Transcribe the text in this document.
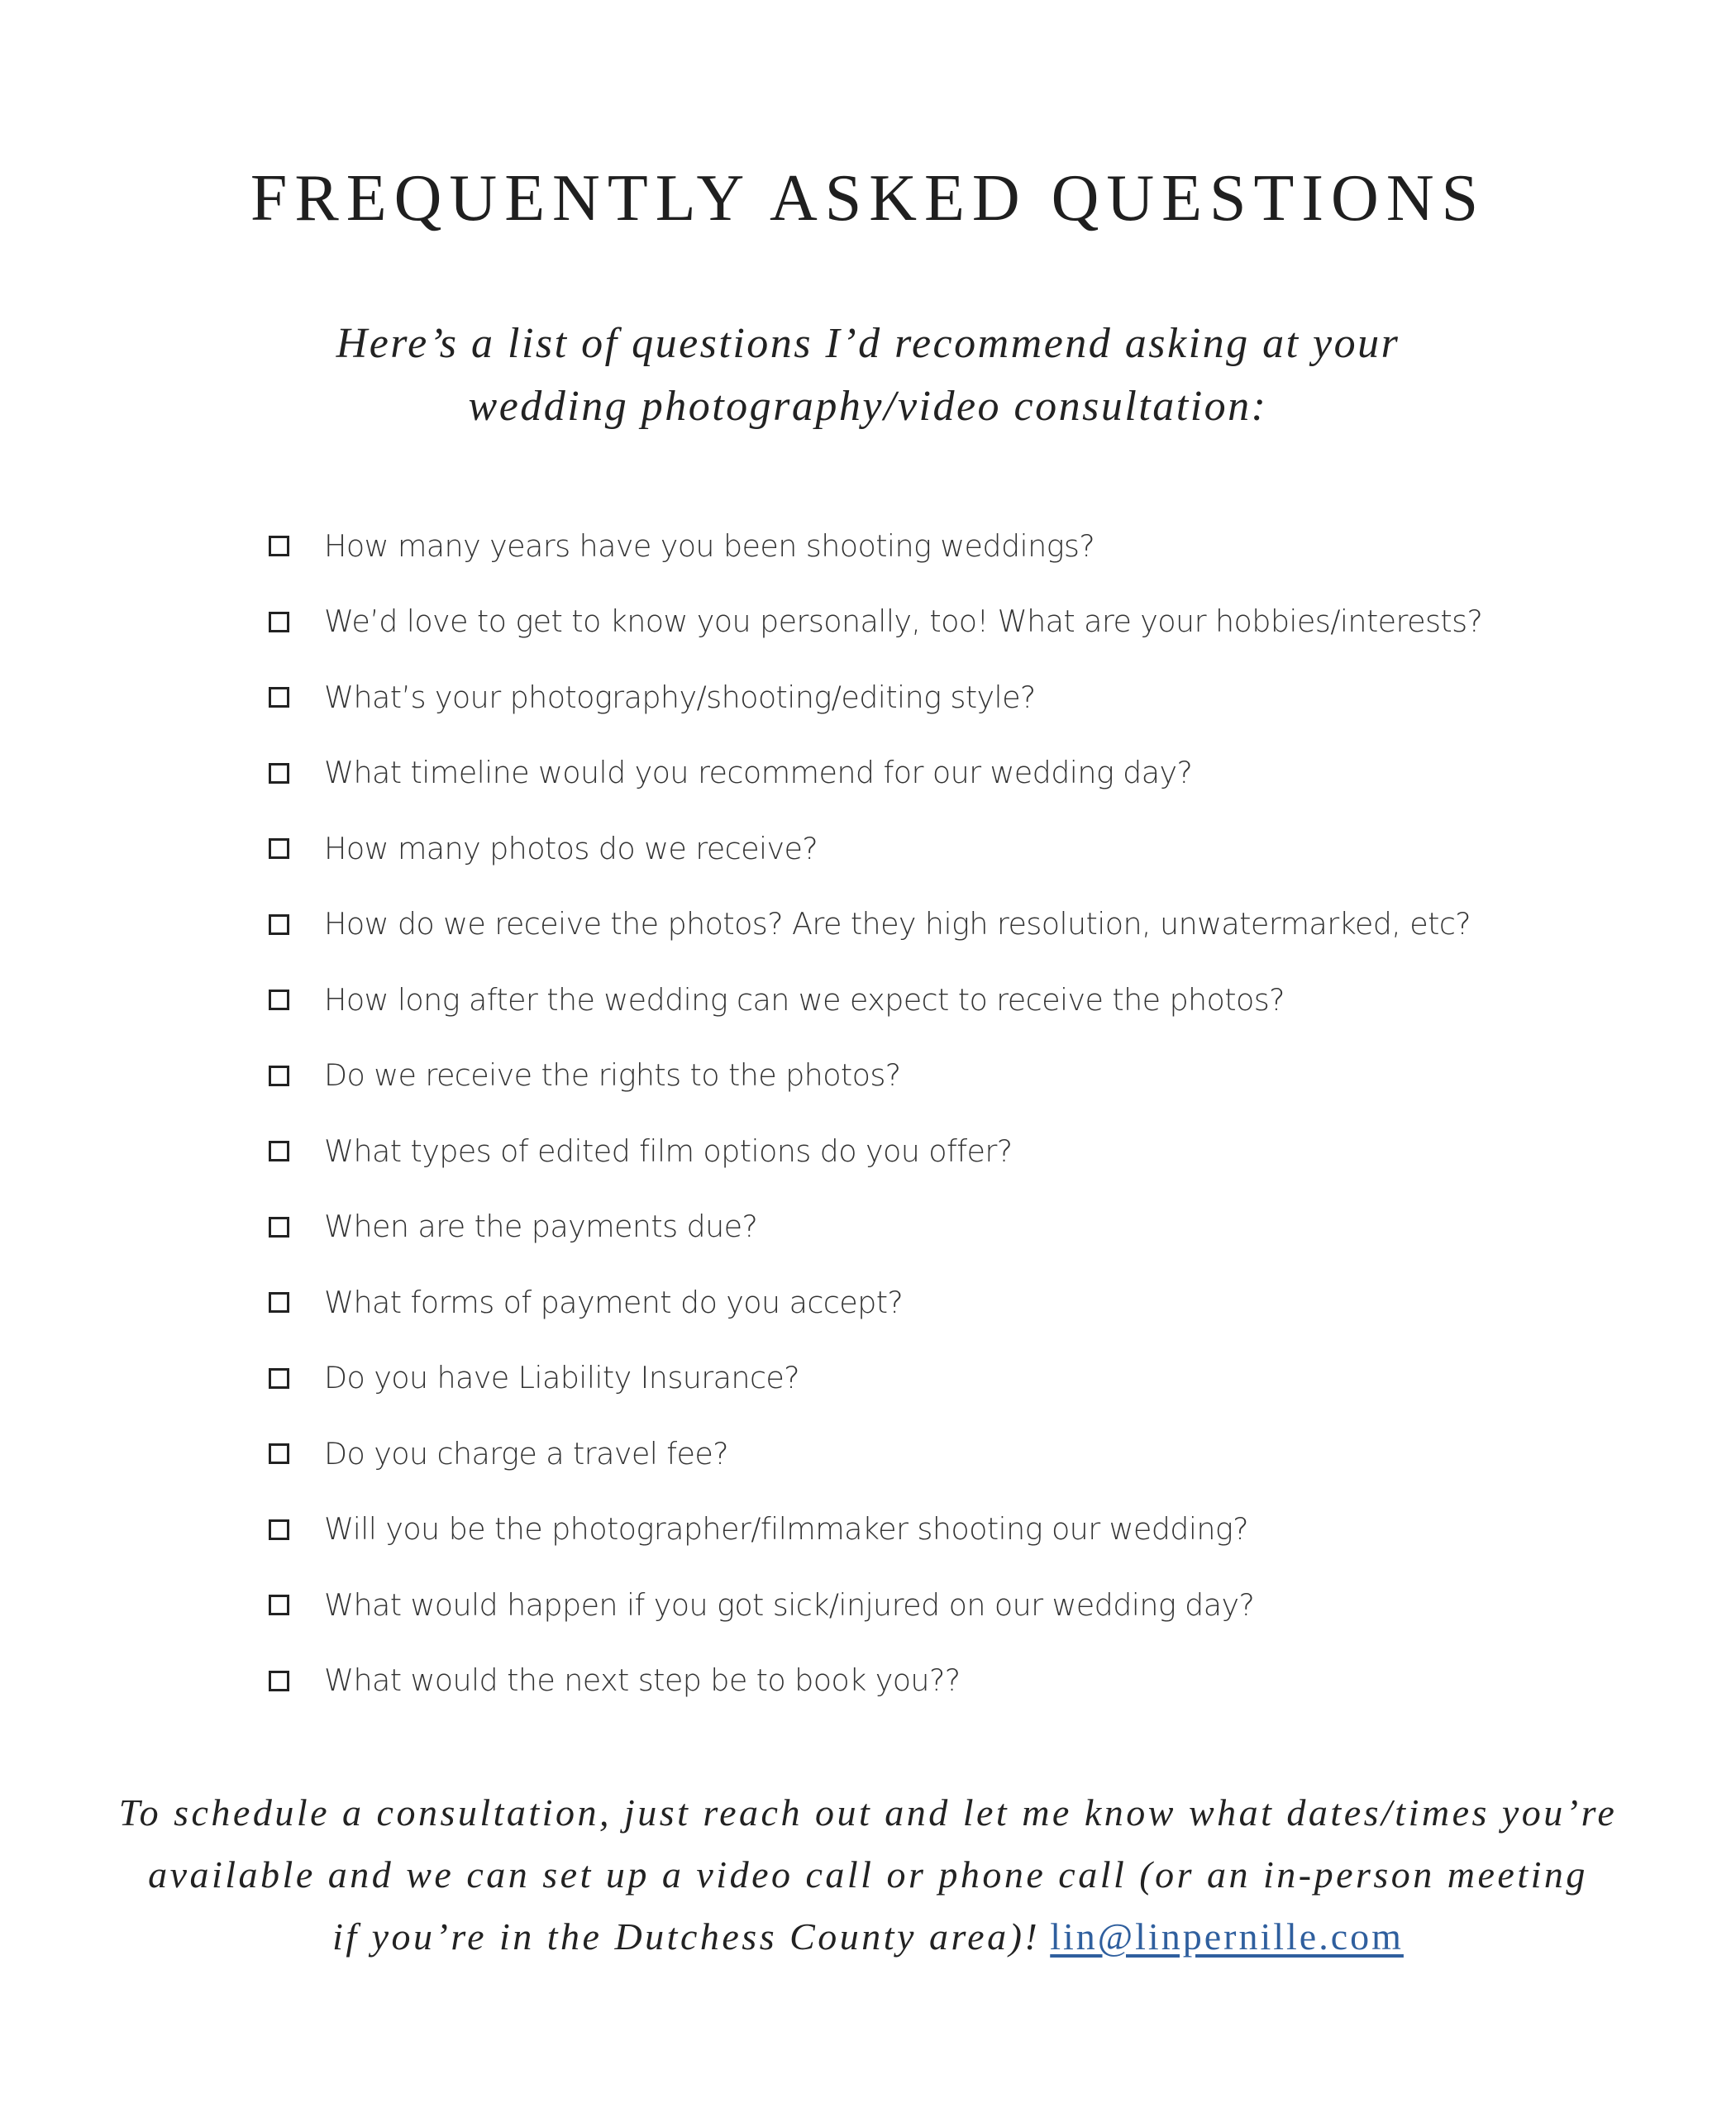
FREQUENTLY ASKED QUESTIONS
Here’s a list of questions I’d recommend asking at your
wedding photography/video consultation:
How many years have you been shooting weddings?
We’d love to get to know you personally, too! What are your hobbies/interests?
What’s your photography/shooting/editing style?
What timeline would you recommend for our wedding day?
How many photos do we receive?
How do we receive the photos? Are they high resolution, unwatermarked, etc?
How long after the wedding can we expect to receive the photos?
Do we receive the rights to the photos?
What types of edited film options do you offer?
When are the payments due?
What forms of payment do you accept?
Do you have Liability Insurance?
Do you charge a travel fee?
Will you be the photographer/filmmaker shooting our wedding?
What would happen if you got sick/injured on our wedding day?
What would the next step be to book you??
To schedule a consultation, just reach out and let me know what dates/times you’re
available and we can set up a video call or phone call (or an in-person meeting
if you’re in the Dutchess County area)! lin@linpernille.com
